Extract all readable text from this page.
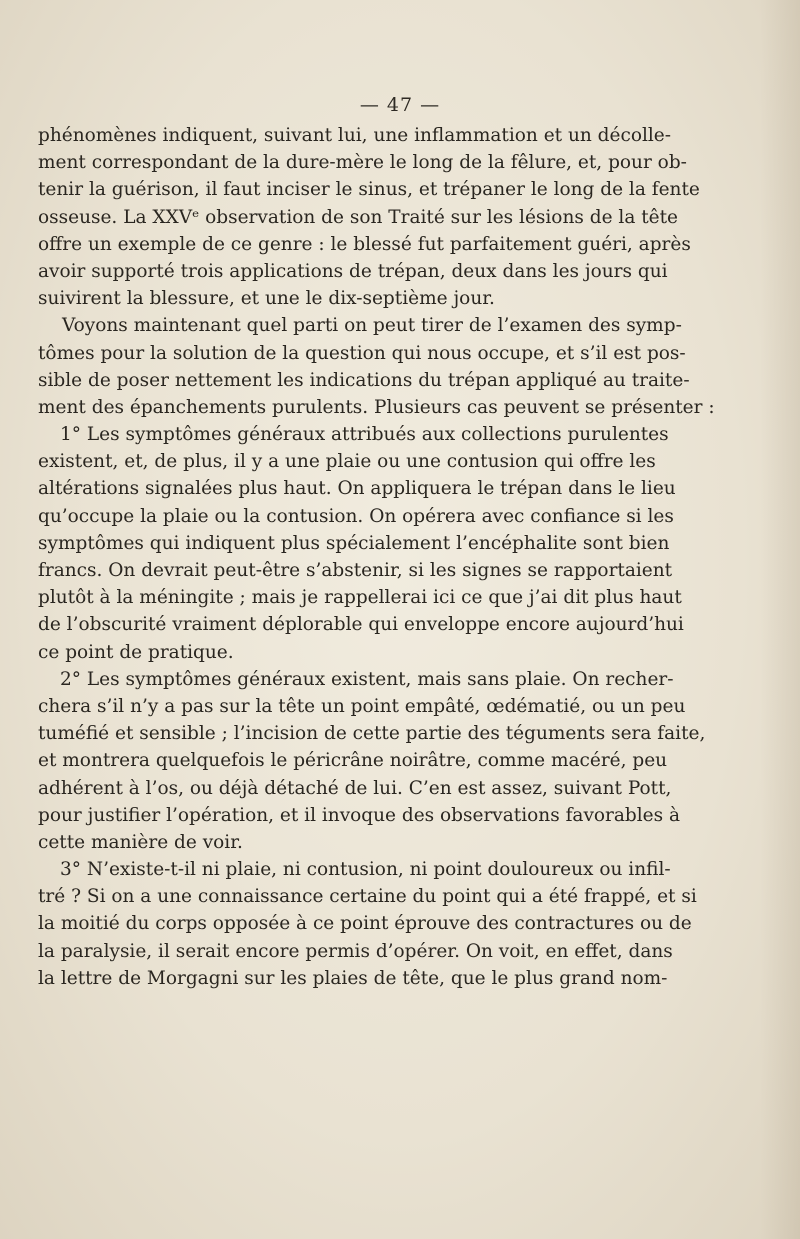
— 47 —
phénomènes indiquent, suivant lui, une inflammation et un décolle-
ment correspondant de la dure-mère le long de la fêlure, et, pour ob-
tenir la guérison, il faut inciser le sinus, et trépaner le long de la fente
osseuse. La XXVᵉ observation de son Traité sur les lésions de la tête
offre un exemple de ce genre : le blessé fut parfaitement guéri, après
avoir supporté trois applications de trépan, deux dans les jours qui
suivirent la blessure, et une le dix-septième jour.
Voyons maintenant quel parti on peut tirer de l’examen des symp-
tômes pour la solution de la question qui nous occupe, et s’il est pos-
sible de poser nettement les indications du trépan appliqué au traite-
ment des épanchements purulents. Plusieurs cas peuvent se présenter :
1° Les symptômes généraux attribués aux collections purulentes
existent, et, de plus, il y a une plaie ou une contusion qui offre les
altérations signalées plus haut. On appliquera le trépan dans le lieu
qu’occupe la plaie ou la contusion. On opérera avec confiance si les
symptômes qui indiquent plus spécialement l’encéphalite sont bien
francs. On devrait peut-être s’abstenir, si les signes se rapportaient
plutôt à la méningite ; mais je rappellerai ici ce que j’ai dit plus haut
de l’obscurité vraiment déplorable qui enveloppe encore aujourd’hui
ce point de pratique.
2° Les symptômes généraux existent, mais sans plaie. On recher-
chera s’il n’y a pas sur la tête un point empâté, œdématié, ou un peu
tuméfié et sensible ; l’incision de cette partie des téguments sera faite,
et montrera quelquefois le péricrâne noirâtre, comme macéré, peu
adhérent à l’os, ou déjà détaché de lui. C’en est assez, suivant Pott,
pour justifier l’opération, et il invoque des observations favorables à
cette manière de voir.
3° N’existe-t-il ni plaie, ni contusion, ni point douloureux ou infil-
tré ? Si on a une connaissance certaine du point qui a été frappé, et si
la moitié du corps opposée à ce point éprouve des contractures ou de
la paralysie, il serait encore permis d’opérer. On voit, en effet, dans
la lettre de Morgagni sur les plaies de tête, que le plus grand nom-
